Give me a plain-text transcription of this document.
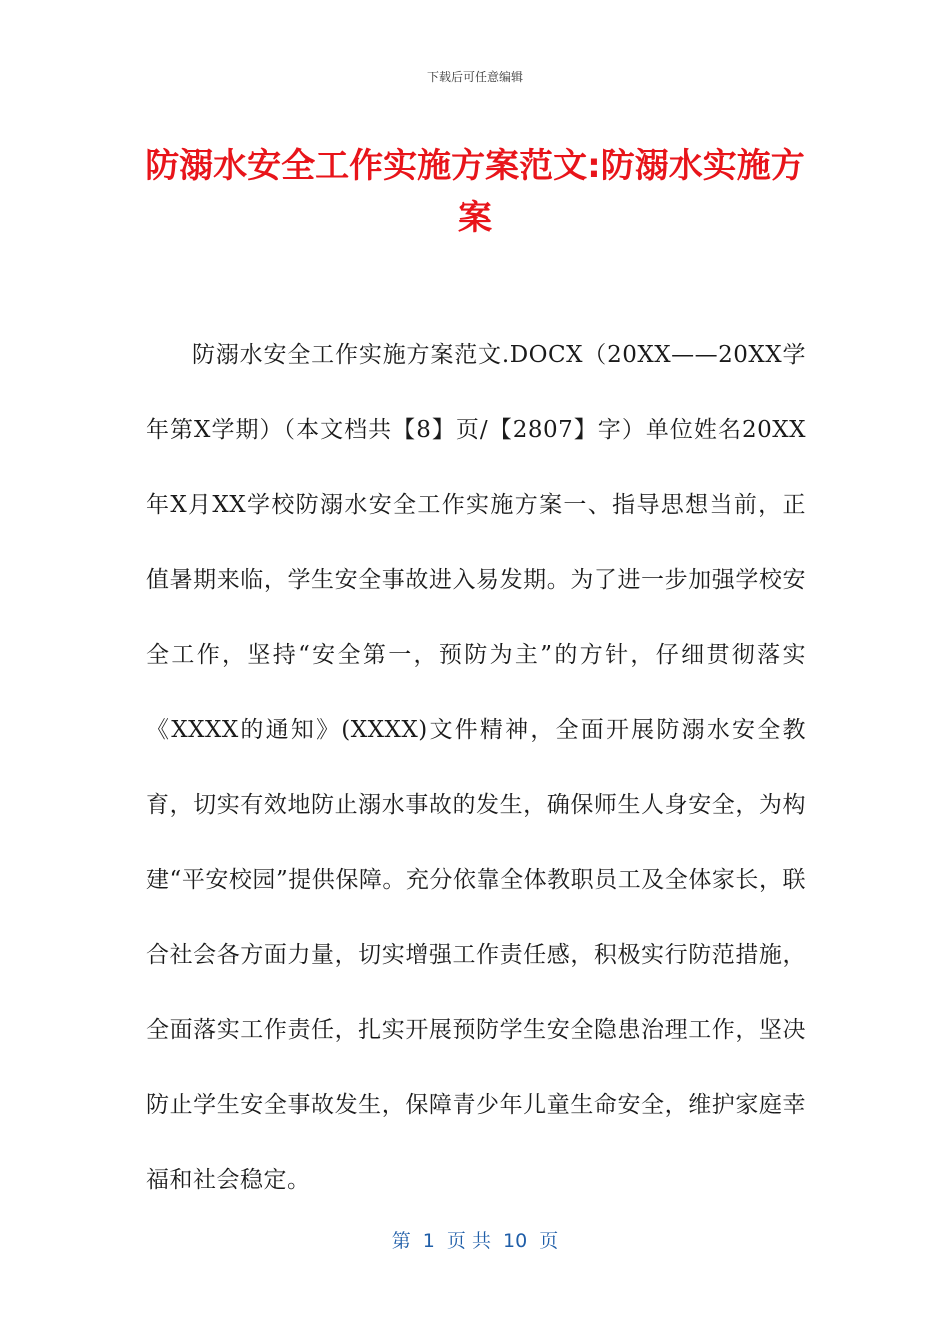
下载后可任意编辑
防溺水安全工作实施方案范文:防溺水实施方案

防溺水安全工作实施方案范文.DOCX（20XX——20XX学年第X学期）（本文档共【8】页/【2807】字）单位姓名20XX年X月XX学校防溺水安全工作实施方案一、指导思想当前，正值暑期来临，学生安全事故进入易发期。为了进一步加强学校安全工作，坚持“安全第一，预防为主”的方针，仔细贯彻落实《XXXX的通知》(XXXX)文件精神，全面开展防溺水安全教育，切实有效地防止溺水事故的发生，确保师生人身安全，为构建“平安校园”提供保障。充分依靠全体教职员工及全体家长，联合社会各方面力量，切实增强工作责任感，积极实行防范措施，全面落实工作责任，扎实开展预防学生安全隐患治理工作，坚决防止学生安全事故发生，保障青少年儿童生命安全，维护家庭幸福和社会稳定。

第  1  页 共  10  页
